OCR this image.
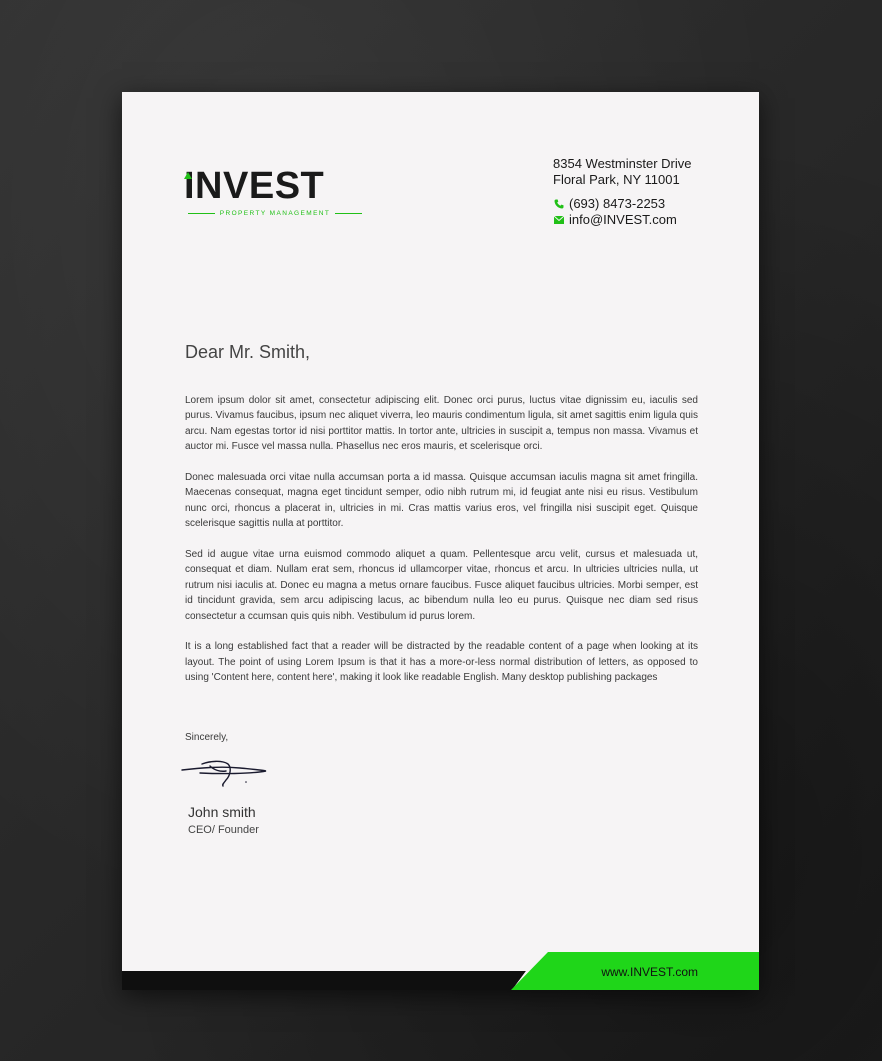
INVEST
PROPERTY MANAGEMENT
8354 Westminster Drive
Floral Park, NY 11001
(693) 8473-2253
info@INVEST.com
Dear Mr. Smith,

Lorem ipsum dolor sit amet, consectetur adipiscing elit. Donec orci purus, luctus vitae dignissim eu, iaculis sed purus. Vivamus faucibus, ipsum nec aliquet viverra, leo mauris condimentum ligula, sit amet sagittis enim ligula quis arcu. Nam egestas tortor id nisi porttitor mattis. In tortor ante, ultricies in suscipit a, tempus non massa. Vivamus et auctor mi. Fusce vel massa nulla. Phasellus nec eros mauris, et scelerisque orci.

Donec malesuada orci vitae nulla accumsan porta a id massa. Quisque accumsan iaculis magna sit amet fringilla. Maecenas consequat, magna eget tincidunt semper, odio nibh rutrum mi, id feugiat ante nisi eu risus. Vestibulum nunc orci, rhoncus a placerat in, ultricies in mi. Cras mattis varius eros, vel fringilla nisi suscipit eget. Quisque scelerisque sagittis nulla at porttitor.

Sed id augue vitae urna euismod commodo aliquet a quam. Pellentesque arcu velit, cursus et malesuada ut, consequat et diam. Nullam erat sem, rhoncus id ullamcorper vitae, rhoncus et arcu. In ultricies ultricies nulla, ut rutrum nisi iaculis at. Donec eu magna a metus ornare faucibus. Fusce aliquet faucibus ultricies. Morbi semper, est id tincidunt gravida, sem arcu adipiscing lacus, ac bibendum nulla leo eu purus. Quisque nec diam sed risus consectetur a ccumsan quis quis nibh. Vestibulum id purus lorem.

It is a long established fact that a reader will be distracted by the readable content of a page when looking at its layout. The point of using Lorem Ipsum is that it has a more-or-less normal distribution of letters, as opposed to using 'Content here, content here', making it look like readable English. Many desktop publishing packages

Sincerely,
John smith
CEO/ Founder
www.INVEST.com
